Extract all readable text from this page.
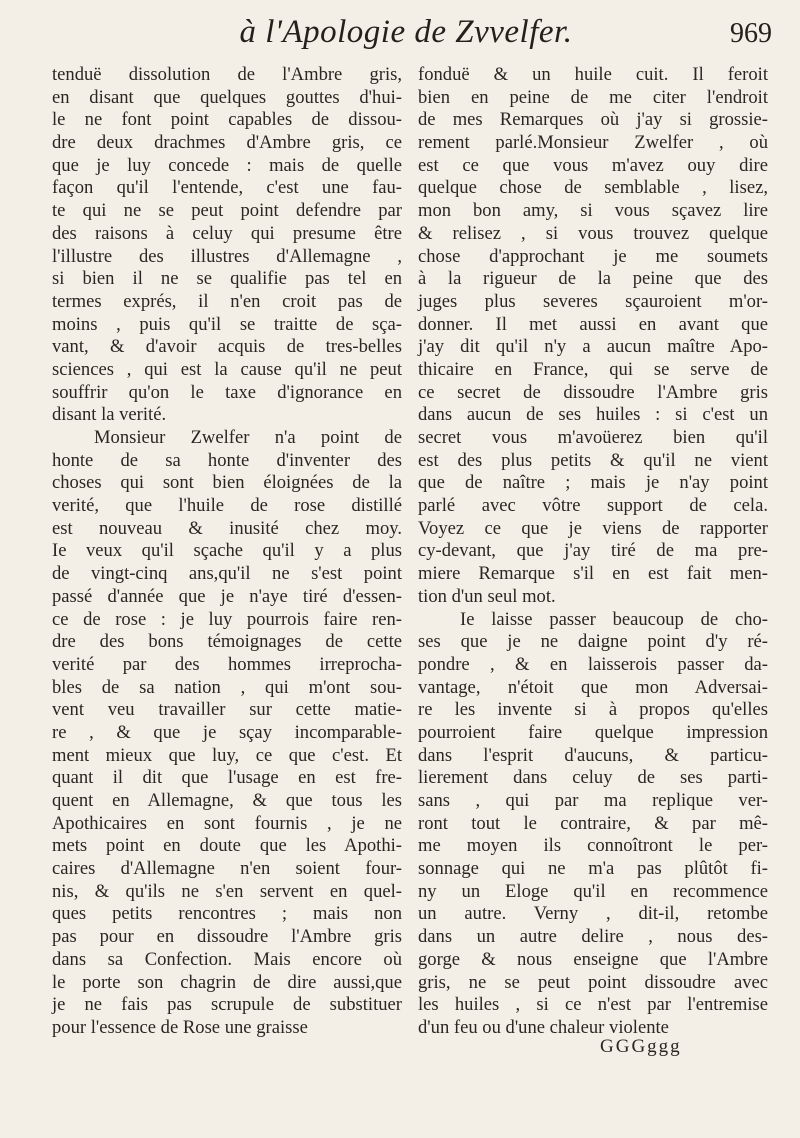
à l'Apologie de Zvvelfer.	969
tenduë dissolution de l'Ambre gris,
en disant que quelques gouttes d'hui-
le ne font point capables de dissou-
dre deux drachmes d'Ambre gris, ce
que je luy concede : mais de quelle
façon qu'il l'entende, c'est une fau-
te qui ne se peut point defendre par
des raisons à celuy qui presume être
l'illustre des illustres d'Allemagne ,
si bien il ne se qualifie pas tel en
termes exprés, il n'en croit pas de
moins , puis qu'il se traitte de sça-
vant, & d'avoir acquis de tres-belles
sciences , qui est la cause qu'il ne peut
souffrir qu'on le taxe d'ignorance en
disant la verité.
Monsieur Zwelfer n'a point de
honte de sa honte d'inventer des
choses qui sont bien éloignées de la
verité, que l'huile de rose distillé
est nouveau & inusité chez moy.
Ie veux qu'il sçache qu'il y a plus
de vingt-cinq ans,qu'il ne s'est point
passé d'année que je n'aye tiré d'essen-
ce de rose : je luy pourrois faire ren-
dre des bons témoignages de cette
verité par des hommes irreprocha-
bles de sa nation , qui m'ont sou-
vent veu travailler sur cette matie-
re , & que je sçay incomparable-
ment mieux que luy, ce que c'est. Et
quant il dit que l'usage en est fre-
quent en Allemagne, & que tous les
Apothicaires en sont fournis , je ne
mets point en doute que les Apothi-
caires d'Allemagne n'en soient four-
nis, & qu'ils ne s'en servent en quel-
ques petits rencontres ; mais non
pas pour en dissoudre l'Ambre gris
dans sa Confection. Mais encore où
le porte son chagrin de dire aussi,que
je ne fais pas scrupule de substituer
pour l'essence de Rose une graisse
fonduë & un huile cuit. Il feroit
bien en peine de me citer l'endroit
de mes Remarques où j'ay si grossie-
rement parlé.Monsieur Zwelfer , où
est ce que vous m'avez ouy dire
quelque chose de semblable , lisez,
mon bon amy, si vous sçavez lire
& relisez , si vous trouvez quelque
chose d'approchant je me soumets
à la rigueur de la peine que des
juges plus severes sçauroient m'or-
donner. Il met aussi en avant que
j'ay dit qu'il n'y a aucun maître Apo-
thicaire en France, qui se serve de
ce secret de dissoudre l'Ambre gris
dans aucun de ses huiles : si c'est un
secret vous m'avoüerez bien qu'il
est des plus petits & qu'il ne vient
que de naître ; mais je n'ay point
parlé avec vôtre support de cela.
Voyez ce que je viens de rapporter
cy-devant, que j'ay tiré de ma pre-
miere Remarque s'il en est fait men-
tion d'un seul mot.
Ie laisse passer beaucoup de cho-
ses que je ne daigne point d'y ré-
pondre , & en laisserois passer da-
vantage, n'étoit que mon Adversai-
re les invente si à propos qu'elles
pourroient faire quelque impression
dans l'esprit d'aucuns, & particu-
lierement dans celuy de ses parti-
sans , qui par ma replique ver-
ront tout le contraire, & par mê-
me moyen ils connoîtront le per-
sonnage qui ne m'a pas plûtôt fi-
ny un Eloge qu'il en recommence
un autre. Verny , dit-il, retombe
dans un autre delire , nous des-
gorge & nous enseigne que l'Ambre
gris, ne se peut point dissoudre avec
les huiles , si ce n'est par l'entremise
d'un feu ou d'une chaleur violente
GGGggg
